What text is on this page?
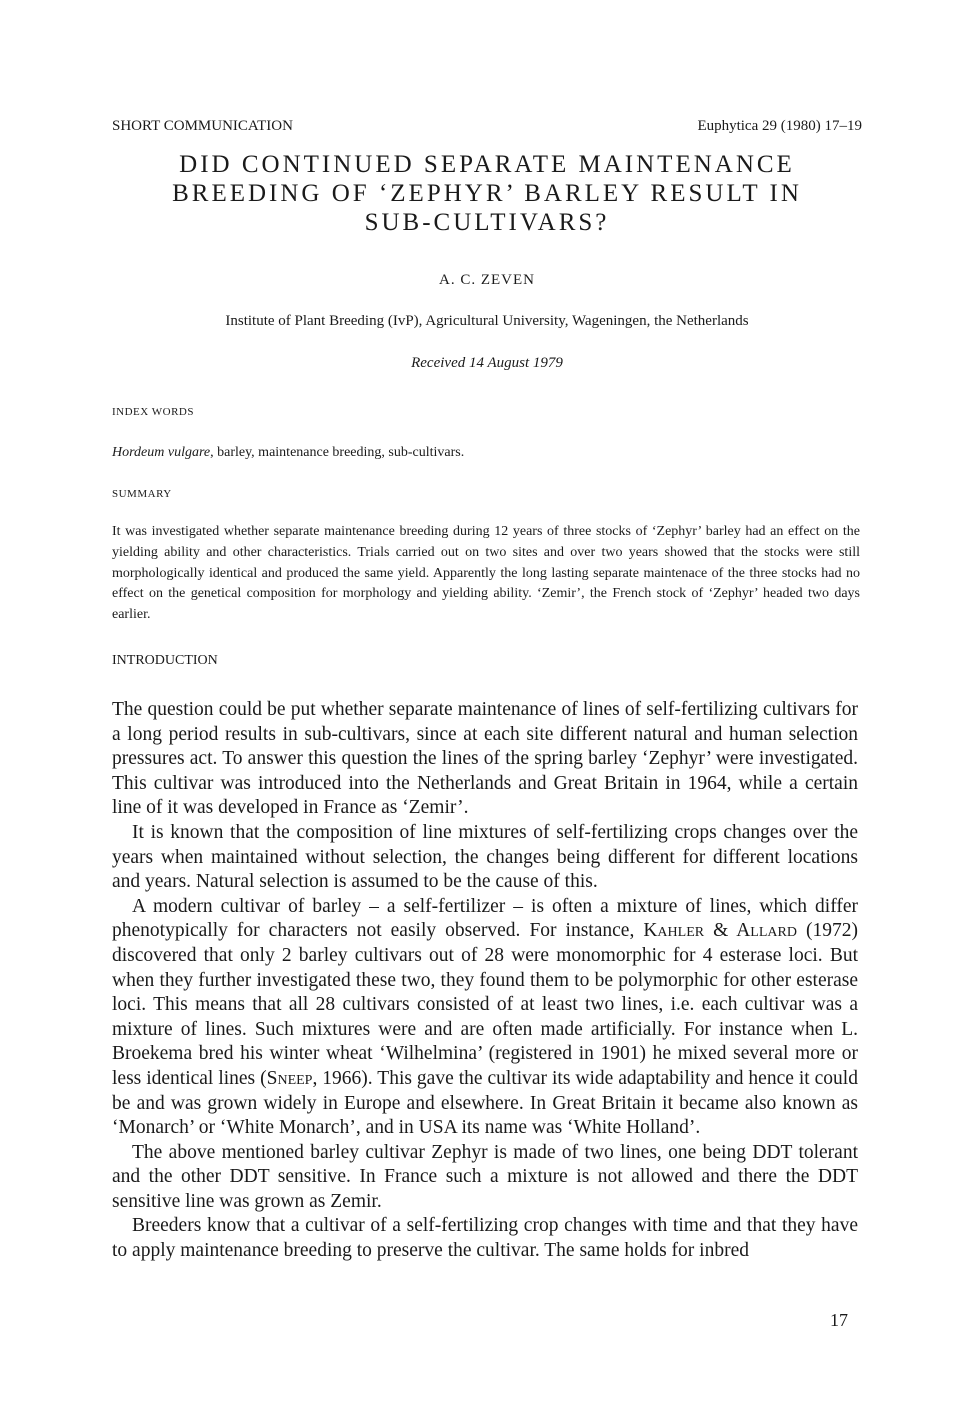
SHORT COMMUNICATION	Euphytica 29 (1980) 17–19
DID CONTINUED SEPARATE MAINTENANCE
BREEDING OF ‘ZEPHYR’ BARLEY RESULT IN
SUB-CULTIVARS?
A. C. ZEVEN
Institute of Plant Breeding (IvP), Agricultural University, Wageningen, the Netherlands
Received 14 August 1979
INDEX WORDS
Hordeum vulgare, barley, maintenance breeding, sub-cultivars.
SUMMARY

It was investigated whether separate maintenance breeding during 12 years of three stocks of ‘Zephyr’ barley had an effect on the yielding ability and other characteristics. Trials carried out on two sites and over two years showed that the stocks were still morphologically identical and produced the same yield. Apparently the long lasting separate maintenace of the three stocks had no effect on the genetical composition for morphology and yielding ability. ‘Zemir’, the French stock of ‘Zephyr’ headed two days earlier.

INTRODUCTION

The question could be put whether separate maintenance of lines of self-fertilizing cultivars for a long period results in sub-cultivars, since at each site different natural and human selection pressures act. To answer this question the lines of the spring barley ‘Zephyr’ were investigated. This cultivar was introduced into the Netherlands and Great Britain in 1964, while a certain line of it was developed in France as ‘Zemir’.

It is known that the composition of line mixtures of self-fertilizing crops changes over the years when maintained without selection, the changes being different for different locations and years. Natural selection is assumed to be the cause of this.

A modern cultivar of barley – a self-fertilizer – is often a mixture of lines, which differ phenotypically for characters not easily observed. For instance, Kahler & Allard (1972) discovered that only 2 barley cultivars out of 28 were monomorphic for 4 esterase loci. But when they further investigated these two, they found them to be polymorphic for other esterase loci. This means that all 28 cultivars consisted of at least two lines, i.e. each cultivar was a mixture of lines. Such mixtures were and are often made artificially. For instance when L. Broekema bred his winter wheat ‘Wilhelmina’ (registered in 1901) he mixed several more or less identical lines (Sneep, 1966). This gave the cultivar its wide adaptability and hence it could be and was grown widely in Europe and elsewhere. In Great Britain it became also known as ‘Monarch’ or ‘White Monarch’, and in USA its name was ‘White Holland’.

The above mentioned barley cultivar Zephyr is made of two lines, one being DDT tolerant and the other DDT sensitive. In France such a mixture is not allowed and there the DDT sensitive line was grown as Zemir.

Breeders know that a cultivar of a self-fertilizing crop changes with time and that they have to apply maintenance breeding to preserve the cultivar. The same holds for inbred

17
